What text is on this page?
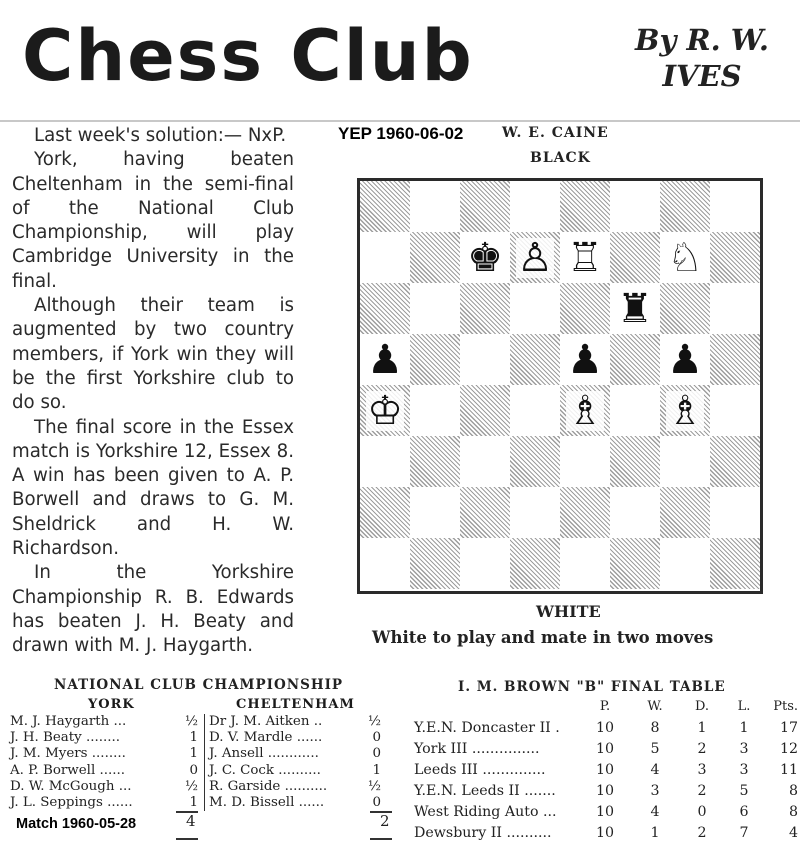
Chess Club	By R. W.
IVES

Last week's solution:— NxP.

York, having beaten Cheltenham in the semi-final of the National Club Championship, will play Cambridge University in the final.

Although their team is augmented by two country members, if York win they will be the first Yorkshire club to do so.

The final score in the Essex match is Yorkshire 12, Essex 8. A win has been given to A. P. Borwell and draws to G. M. Sheldrick and H. W. Richardson.

In the Yorkshire Championship R. B. Edwards has beaten J. H. Beaty and drawn with M. J. Haygarth.

YEP 1960-06-02	W. E. CAINE
BLACK
♚ ♙ ♖ ♘
♜
♟	♟ ♟
♔	♗ ♗
WHITE
White to play and mate in two moves
NATIONAL CLUB CHAMPIONSHIP
YORK	CHELTENHAM
M. J. Haygarth ...	½
J. H. Beaty ........	1
J. M. Myers ........	1
A. P. Borwell ......	0
D. W. McGough ...	½
J. L. Seppings ......	1
Dr J. M. Aitken ..	½
D. V. Mardle ......	0
J. Ansell ............	0
J. C. Cock ..........	1
R. Garside ..........	½
M. D. Bissell ......	0
4	2
Match 1960-05-28
I. M. BROWN "B" FINAL TABLE
P.	W.	D.	L.	Pts.
Y.E.N. Doncaster II .	10	8	1	1	17
York III ...............	10	5	2	3	12
Leeds III ..............	10	4	3	3	11
Y.E.N. Leeds II .......	10	3	2	5	8
West Riding Auto ...	10	4	0	6	8
Dewsbury II ..........	10	1	2	7	4
